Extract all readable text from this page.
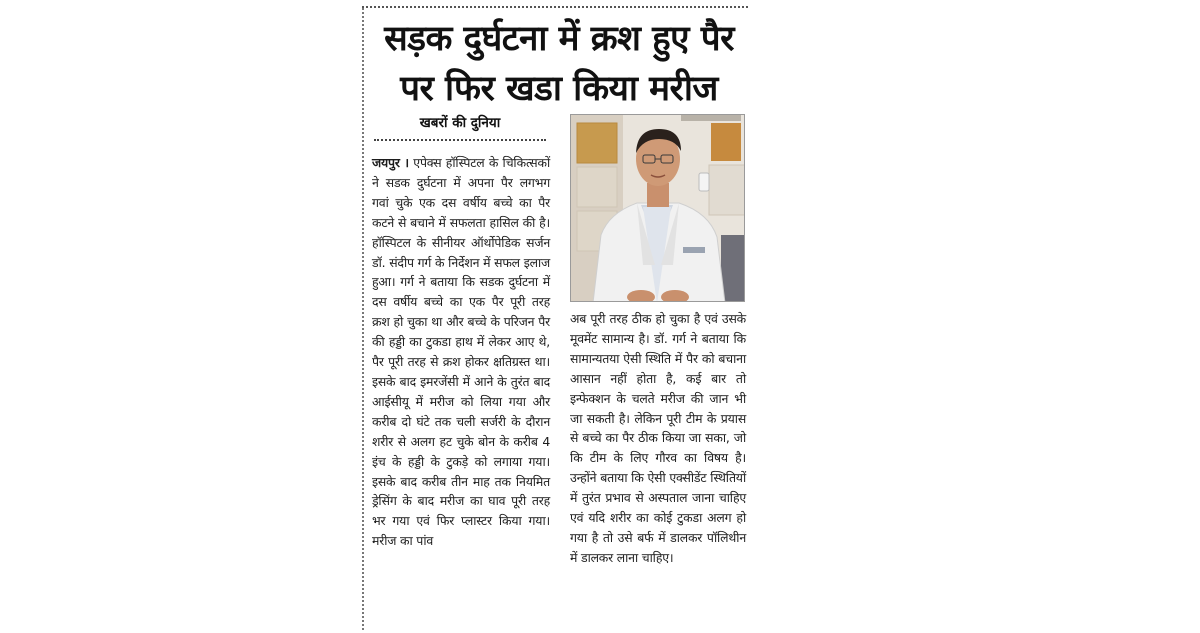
सड़क दुर्घटना में क्रश हुए पैर पर फिर खडा किया मरीज
खबरों की दुनिया

जयपुर । एपेक्स हॉस्पिटल के चिकित्सकों ने सडक दुर्घटना में अपना पैर लगभग गवां चुके एक दस वर्षीय बच्चे का पैर कटने से बचाने में सफलता हासिल की है। हॉस्पिटल के सीनीयर ऑर्थोपेडिक सर्जन डॉ. संदीप गर्ग के निर्देशन में सफल इलाज हुआ। गर्ग ने बताया कि सडक दुर्घटना में दस वर्षीय बच्चे का एक पैर पूरी तरह क्रश हो चुका था और बच्चे के परिजन पैर की हड्डी का टुकडा हाथ में लेकर आए थे, पैर पूरी तरह से क्रश होकर क्षतिग्रस्त था। इसके बाद इमरजेंसी में आने के तुरंत बाद आईसीयू में मरीज को लिया गया और करीब दो घंटे तक चली सर्जरी के दौरान शरीर से अलग हट चुके बोन के करीब 4 इंच के हड्डी के टुकड़े को लगाया गया। इसके बाद करीब तीन माह तक नियमित ड्रेसिंग के बाद मरीज का घाव पूरी तरह भर गया एवं फिर प्लास्टर किया गया। मरीज का पांव

अब पूरी तरह ठीक हो चुका है एवं उसके मूवमेंट सामान्य है। डॉ. गर्ग ने बताया कि सामान्यतया ऐसी स्थिति में पैर को बचाना आसान नहीं होता है, कई बार तो इन्फेक्शन के चलते मरीज की जान भी जा सकती है। लेकिन पूरी टीम के प्रयास से बच्चे का पैर ठीक किया जा सका, जो कि टीम के लिए गौरव का विषय है। उन्होंने बताया कि ऐसी एक्सीडेंट स्थितियों में तुरंत प्रभाव से अस्पताल जाना चाहिए एवं यदि शरीर का कोई टुकडा अलग हो गया है तो उसे बर्फ में डालकर पॉलिथीन में डालकर लाना चाहिए।
